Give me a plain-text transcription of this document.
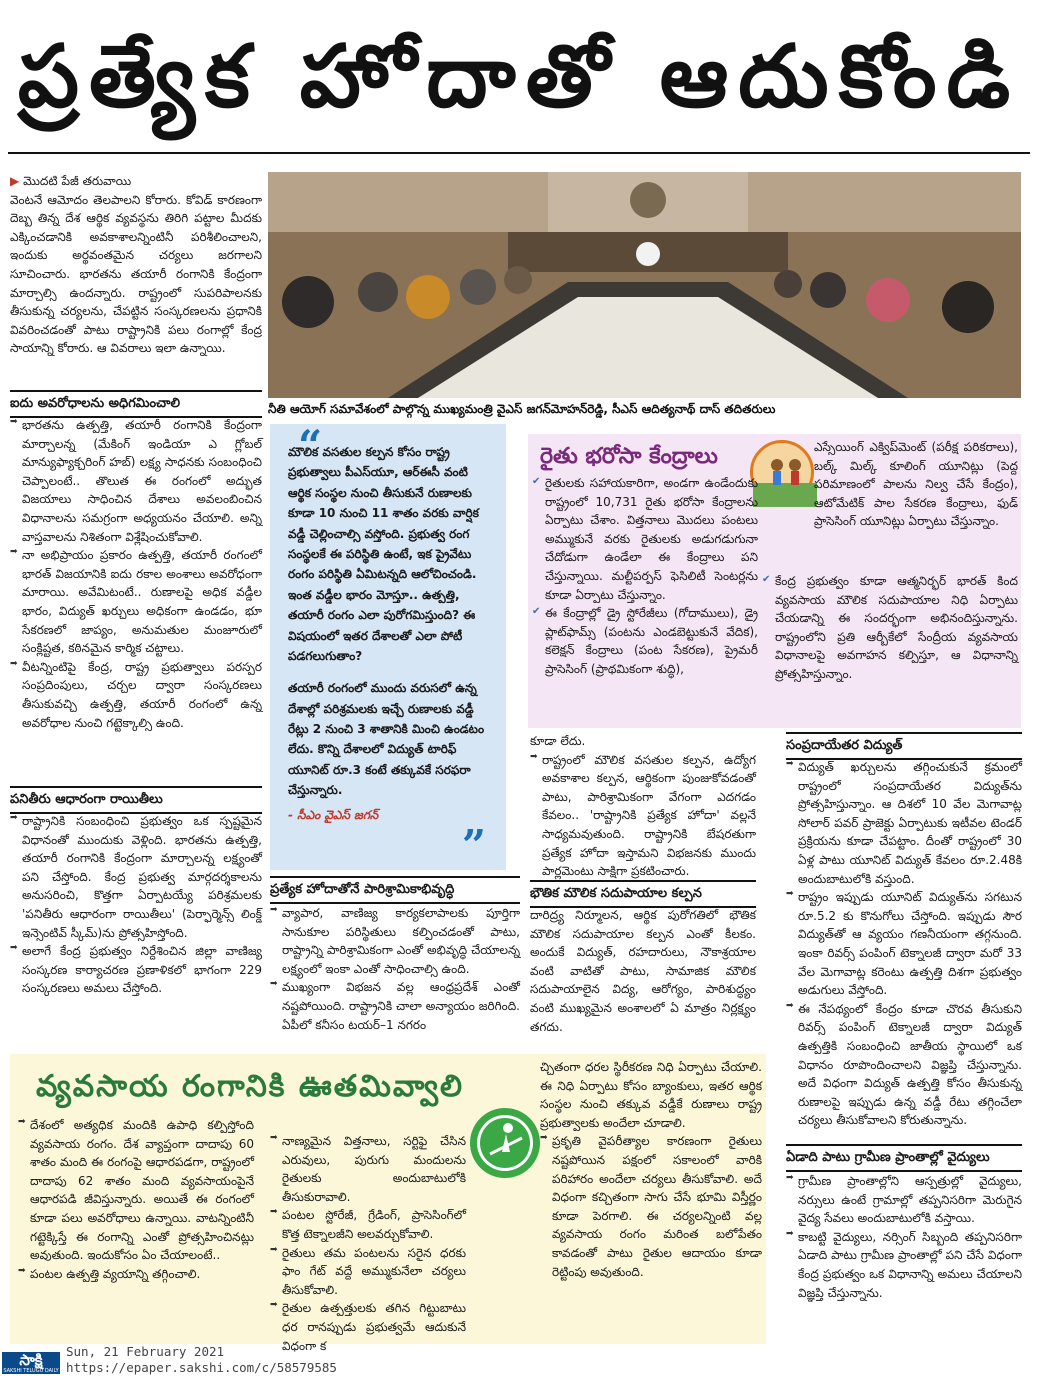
ప్రత్యేక హోదాతో ఆదుకోండి

▶ మొదటి పేజీ తరువాయి

వెంటనే ఆమోదం తెలపాలని కోరారు. కోవిడ్ కారణంగా దెబ్బ తిన్న దేశ ఆర్థిక వ్యవస్థను తిరిగి పట్టాల మీదకు ఎక్కించడానికి అవకాశాలన్నింటినీ పరిశీలించాలని, ఇందుకు అర్థవంతమైన చర్యలు జరగాలని సూచించారు. భారతను తయారీ రంగానికి కేంద్రంగా మార్చాల్సి ఉందన్నారు. రాష్ట్రంలో సుపరిపాలనకు తీసుకున్న చర్యలను, చేపట్టిన సంస్కరణలను ప్రధానికి వివరించడంతో పాటు రాష్ట్రానికి పలు రంగాల్లో కేంద్ర సాయాన్ని కోరారు. ఆ వివరాలు ఇలా ఉన్నాయి.

ఐదు అవరోధాలను అధిగమించాలి

➡ భారతను ఉత్పత్తి, తయారీ రంగానికి కేంద్రంగా మార్చాలన్న (మేకింగ్ ఇండియా ఎ గ్లోబల్ మాన్యుఫ్యాక్చరింగ్ హబ్) లక్ష్య సాధనకు సంబంధించి చెప్పాలంటే.. తొలుత ఈ రంగంలో అద్భుత విజయాలు సాధించిన దేశాలు అవలంబించిన విధానాలను సమగ్రంగా అధ్యయనం చేయాలి. అన్ని వాస్తవాలను నిశితంగా విశ్లేషించుకోవాలి.

➡ నా అభిప్రాయం ప్రకారం ఉత్పత్తి, తయారీ రంగంలో భారత్ విజయానికి ఐదు రకాల అంశాలు అవరోధంగా మారాయి. అవేమిటంటే.. రుణాలపై అధిక వడ్డీల భారం, విద్యుత్ ఖర్చులు అధికంగా ఉండడం, భూ సేకరణలో జాప్యం, అనుమతుల మంజూరులో సంక్లిష్టత, కఠినమైన కార్మిక చట్టాలు.

➡ వీటన్నింటిపై కేంద్ర, రాష్ట్ర ప్రభుత్వాలు పరస్పర సంప్రదింపులు, చర్చల ద్వారా సంస్కరణలు తీసుకువచ్చి ఉత్పత్తి, తయారీ రంగంలో ఉన్న అవరోధాల నుంచి గట్టెక్కాల్సి ఉంది.

పనితీరు ఆధారంగా రాయితీలు

➡ రాష్ట్రానికి సంబంధించి ప్రభుత్వం ఒక స్పష్టమైన విధానంతో ముందుకు వెళ్లింది. భారతను ఉత్పత్తి, తయారీ రంగానికి కేంద్రంగా మార్చాలన్న లక్ష్యంతో పని చేస్తోంది. కేంద్ర ప్రభుత్వ మార్గదర్శకాలను అనుసరించి, కొత్తగా ఏర్పాటయ్యే పరిశ్రమలకు 'పనితీరు ఆధారంగా రాయితీలు' (పెర్ఫార్మెన్స్ లింక్డ్ ఇన్సెంటివ్ స్కీమ్)ను ప్రోత్సహిస్తోంది.

➡ అలాగే కేంద్ర ప్రభుత్వం నిర్దేశించిన జిల్లా వాణిజ్య సంస్కరణ కార్యాచరణ ప్రణాళికలో భాగంగా 229 సంస్కరణలు అమలు చేస్తోంది.

నీతి ఆయోగ్ సమావేశంలో పాల్గొన్న ముఖ్యమంత్రి వైఎస్ జగన్‌మోహన్‌రెడ్డి, సీఎస్ ఆదిత్యనాథ్ దాస్ తదితరులు
“

మౌలిక వసతుల కల్పన కోసం రాష్ట్ర ప్రభుత్వాలు పీఎస్‌యూ, ఆర్‌ఈసీ వంటి ఆర్థిక సంస్థల నుంచి తీసుకునే రుణాలకు కూడా 10 నుంచి 11 శాతం వరకు వార్షిక వడ్డీ చెల్లించాల్సి వస్తోంది. ప్రభుత్వ రంగ సంస్థలకే ఈ పరిస్థితి ఉంటే, ఇక ప్రైవేటు రంగం పరిస్థితి ఏమిటన్నది ఆలోచించండి. ఇంత వడ్డీల భారం మోస్తూ.. ఉత్పత్తి, తయారీ రంగం ఎలా పురోగమిస్తుంది? ఈ విషయంలో ఇతర దేశాలతో ఎలా పోటీ పడగలుగుతాం?

తయారీ రంగంలో ముందు వరుసలో ఉన్న దేశాల్లో పరిశ్రమలకు ఇచ్చే రుణాలకు వడ్డీ రేట్లు 2 నుంచి 3 శాతానికి మించి ఉండటం లేదు. కొన్ని దేశాలలో విద్యుత్ టారిఫ్ యూనిట్ రూ.3 కంటే తక్కువకే సరఫరా చేస్తున్నారు.

- సీఎం వైఎస్ జగన్

”
ప్రత్యేక హోదాతోనే పారిశ్రామికాభివృద్ధి

➡ వ్యాపార, వాణిజ్య కార్యకలాపాలకు పూర్తిగా సానుకూల పరిస్థితులు కల్పించడంతో పాటు, రాష్ట్రాన్ని పారిశ్రామికంగా ఎంతో అభివృద్ధి చేయాలన్న లక్ష్యంలో ఇంకా ఎంతో సాధించాల్సి ఉంది.

➡ ముఖ్యంగా విభజన వల్ల ఆంధ్రప్రదేశ్ ఎంతో నష్టపోయింది. రాష్ట్రానికి చాలా అన్యాయం జరిగింది. ఏపీలో కనీసం టయర్–1 నగరం

రైతు భరోసా కేంద్రాలు

✔ రైతులకు సహాయకారిగా, అండగా ఉండేందుకు రాష్ట్రంలో 10,731 రైతు భరోసా కేంద్రాలను ఏర్పాటు చేశాం. విత్తనాలు మొదలు పంటలు అమ్ముకునే వరకు రైతులకు అడుగడుగునా చేదోడుగా ఉండేలా ఈ కేంద్రాలు పని చేస్తున్నాయి. మల్టీపర్పస్ ఫెసిలిటీ సెంటర్లను కూడా ఏర్పాటు చేస్తున్నాం.

✔ ఈ కేంద్రాల్లో డ్రై స్టోరేజీలు (గోదాములు), డ్రై ప్లాట్‌ఫామ్స్ (పంటను ఎండబెట్టుకునే వేదిక), కలెక్షన్ కేంద్రాలు (పంట సేకరణ), ప్రైమరీ ప్రాసెసింగ్ (ప్రాథమికంగా శుద్ధి),

ఎస్సేయింగ్ ఎక్విప్‌మెంట్ (పరీక్ష పరికరాలు), బల్క్ మిల్క్ కూలింగ్ యూనిట్లు (పెద్ద పరిమాణంలో పాలను నిల్వ చేసే కేంద్రం), ఆటోమేటిక్ పాల సేకరణ కేంద్రాలు, ఫుడ్ ప్రాసెసింగ్ యూనిట్లు ఏర్పాటు చేస్తున్నాం.

✔ కేంద్ర ప్రభుత్వం కూడా ఆత్మనిర్భర్ భారత్ కింద వ్యవసాయ మౌలిక సదుపాయాల నిధి ఏర్పాటు చేయడాన్ని ఈ సందర్భంగా అభినందిస్తున్నాను. రాష్ట్రంలోని ప్రతి ఆర్బీకేలో సేంద్రీయ వ్యవసాయ విధానాలపై అవగాహన కల్పిస్తూ, ఆ విధానాన్ని ప్రోత్సహిస్తున్నాం.

కూడా లేదు.

➡ రాష్ట్రంలో మౌలిక వసతుల కల్పన, ఉద్యోగ అవకాశాల కల్పన, ఆర్థికంగా పుంజుకోవడంతో పాటు, పారిశ్రామికంగా వేగంగా ఎదగడం కేవలం.. 'రాష్ట్రానికి ప్రత్యేక హోదా' వల్లనే సాధ్యమవుతుంది. రాష్ట్రానికి బేషరతుగా ప్రత్యేక హోదా ఇస్తామని విభజనకు ముందు పార్లమెంటు సాక్షిగా ప్రకటించారు.

భౌతిక మౌలిక సదుపాయాల కల్పన

దారిద్ర్య నిర్మూలన, ఆర్థిక పురోగతిలో భౌతిక మౌలిక సదుపాయాల కల్పన ఎంతో కీలకం. అందుకే విద్యుత్, రహదారులు, నౌకాశ్రయాల వంటి వాటితో పాటు, సామాజిక మౌలిక సదుపాయాలైన విద్య, ఆరోగ్యం, పారిశుద్ధ్యం వంటి ముఖ్యమైన అంశాలలో ఏ మాత్రం నిర్లక్ష్యం తగదు.

సంప్రదాయేతర విద్యుత్

➡ విద్యుత్ ఖర్చులను తగ్గించుకునే క్రమంలో రాష్ట్రంలో సంప్రదాయేతర విద్యుత్‌ను ప్రోత్సహిస్తున్నాం. ఆ దిశలో 10 వేల మెగావాట్ల సోలార్ పవర్ ప్రాజెక్టు ఏర్పాటుకు ఇటీవల టెండర్ ప్రక్రియను కూడా చేపట్టాం. దీంతో రాష్ట్రంలో 30 ఏళ్ల పాటు యూనిట్ విద్యుత్ కేవలం రూ.2.48కి అందుబాటులోకి వస్తుంది.

➡ రాష్ట్రం ఇప్పుడు యూనిట్ విద్యుత్‌ను సగటున రూ.5.2 కు కొనుగోలు చేస్తోంది. ఇప్పుడు సౌర విద్యుత్‌తో ఆ వ్యయం గణనీయంగా తగ్గనుంది. ఇంకా రివర్స్ పంపింగ్ టెక్నాలజీ ద్వారా మరో 33 వేల మెగావాట్ల కరెంటు ఉత్పత్తి దిశగా ప్రభుత్వం అడుగులు వేస్తోంది.

➡ ఈ నేపథ్యంలో కేంద్రం కూడా చొరవ తీసుకుని రివర్స్ పంపింగ్ టెక్నాలజీ ద్వారా విద్యుత్ ఉత్పత్తికి సంబంధించి జాతీయ స్థాయిలో ఒక విధానం రూపొందించాలని విజ్ఞప్తి చేస్తున్నాను. అదే విధంగా విద్యుత్ ఉత్పత్తి కోసం తీసుకున్న రుణాలపై ఇప్పుడు ఉన్న వడ్డీ రేటు తగ్గించేలా చర్యలు తీసుకోవాలని కోరుతున్నాను.

ఏడాది పాటు గ్రామీణ ప్రాంతాల్లో వైద్యులు

➡ గ్రామీణ ప్రాంతాల్లోని ఆస్పత్రుల్లో వైద్యులు, నర్సులు ఉంటే గ్రామాల్లో తప్పనిసరిగా మెరుగైన వైద్య సేవలు అందుబాటులోకి వస్తాయి.

➡ కాబట్టి వైద్యులు, నర్సింగ్ సిబ్బంది తప్పనిసరిగా ఏడాది పాటు గ్రామీణ ప్రాంతాల్లో పని చేసే విధంగా కేంద్ర ప్రభుత్వం ఒక విధానాన్ని అమలు చేయాలని విజ్ఞప్తి చేస్తున్నాను.

వ్యవసాయ రంగానికి ఊతమివ్వాలి

➡ దేశంలో అత్యధిక మందికి ఉపాధి కల్పిస్తోంది వ్యవసాయ రంగం. దేశ వ్యాప్తంగా దాదాపు 60 శాతం మంది ఈ రంగంపై ఆధారపడగా, రాష్ట్రంలో దాదాపు 62 శాతం మంది వ్యవసాయంపైనే ఆధారపడి జీవిస్తున్నారు. అయితే ఈ రంగంలో కూడా పలు అవరోధాలు ఉన్నాయి. వాటన్నింటినీ గట్టెక్కిస్తే ఈ రంగాన్ని ఎంతో ప్రోత్సహించినట్లు అవుతుంది. ఇందుకోసం ఏం చేయాలంటే..

➡ పంటల ఉత్పత్తి వ్యయాన్ని తగ్గించాలి.

➡ నాణ్యమైన విత్తనాలు, సర్టిఫై చేసిన ఎరువులు, పురుగు మందులను రైతులకు అందుబాటులోకి తీసుకురావాలి.

➡ పంటల స్టోరేజీ, గ్రేడింగ్, ప్రాసెసింగ్‌లో కొత్త టెక్నాలజీని అలవర్చుకోవాలి.

➡ రైతులు తమ పంటలను సరైన ధరకు ఫాం గేట్ వద్దే అమ్ముకునేలా చర్యలు తీసుకోవాలి.

➡ రైతుల ఉత్పత్తులకు తగిన గిట్టుబాటు ధర రానప్పుడు ప్రభుత్వమే ఆదుకునే విధంగా క

చ్చితంగా ధరల స్థిరీకరణ నిధి ఏర్పాటు చేయాలి. ఈ నిధి ఏర్పాటు కోసం బ్యాంకులు, ఇతర ఆర్థిక సంస్థల నుంచి తక్కువ వడ్డీకే రుణాలు రాష్ట్ర ప్రభుత్వాలకు అందేలా చూడాలి.

➡ ప్రకృతి వైపరీత్యాల కారణంగా రైతులు నష్టపోయిన పక్షంలో సకాలంలో వారికి పరిహారం అందేలా చర్యలు తీసుకోవాలి. అదే విధంగా కచ్చితంగా సాగు చేసే భూమి విస్తీర్ణం కూడా పెరగాలి. ఈ చర్యలన్నింటి వల్ల వ్యవసాయ రంగం మరింత బలోపేతం కావడంతో పాటు రైతుల ఆదాయం కూడా రెట్టింపు అవుతుంది.

సాక్షి
SAKSHI TELUGU DAILY
Sun, 21 February 2021
https://epaper.sakshi.com/c/58579585
